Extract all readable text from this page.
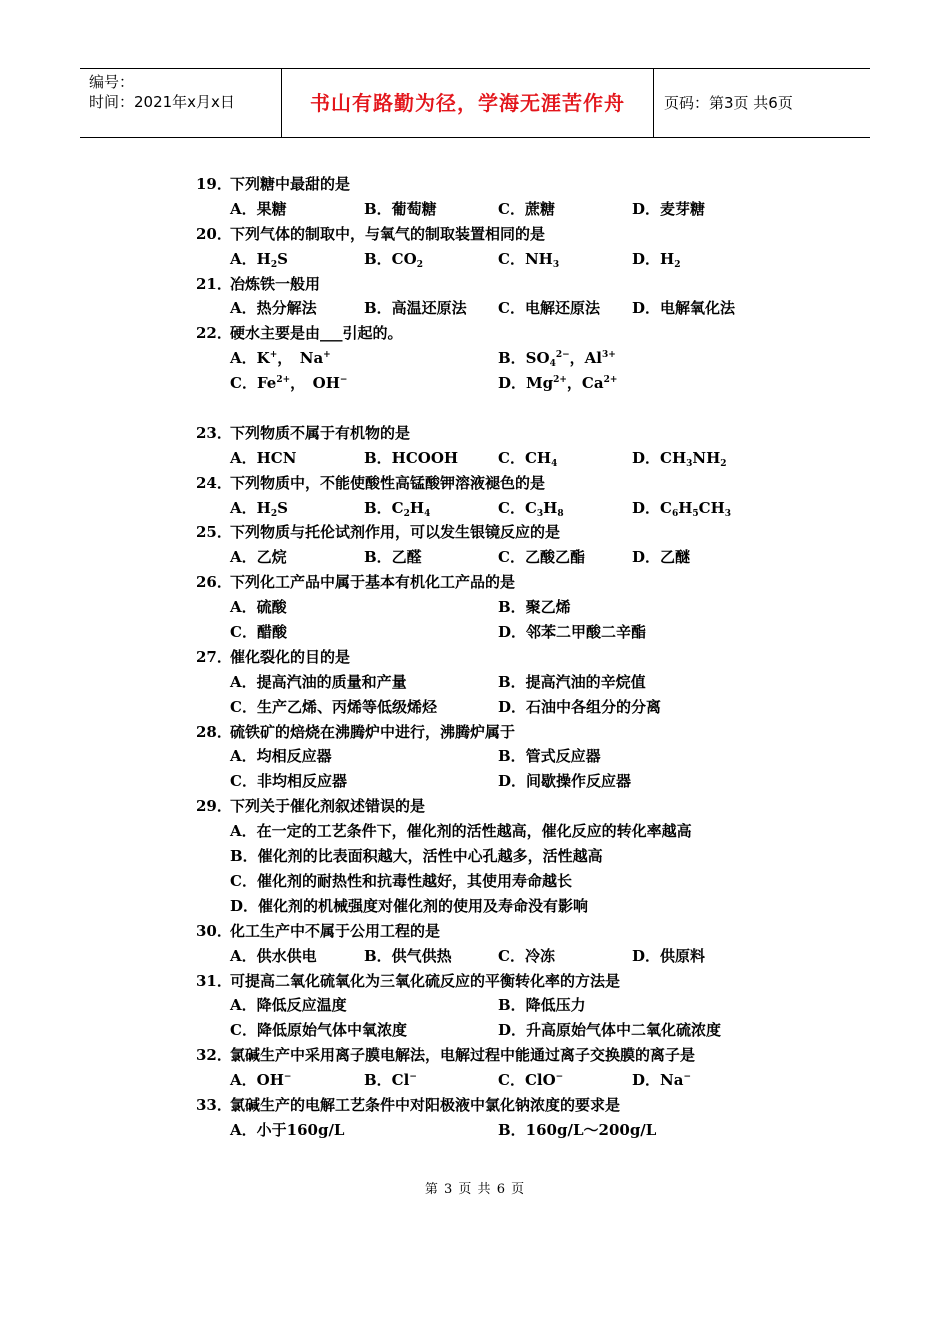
编号：
时间：2021年x月x日	书山有路勤为径，学海无涯苦作舟	页码：第3页 共6页
19．下列糖中最甜的是
A．果糖	B．葡萄糖	C．蔗糖	D．麦芽糖
20．下列气体的制取中，与氧气的制取装置相同的是
A．$H_2S$	B．$CO_2$	C．$NH_3$	D．$H_2$
21．冶炼铁一般用
A．热分解法	B．高温还原法 C．电解还原法 D．电解氧化法
22．硬水主要是由___引起的。
A．K+，　Na+	B．$SO_4^{2-}$，$Al^{3+}$
C．$Fe^{2+}$，　OH−	D．$Mg^{2+}$，$Ca^{2+}$
23．下列物质不属于有机物的是
A．HCN	B．HCOOH	C．$CH_4$	D．$CH_3NH_2$
24．下列物质中，不能使酸性高锰酸钾溶液褪色的是
A．$H_2S$	B．$C_2H_4$	C．$C_3H_8$	D．$C_6H_5CH_3$
25．下列物质与托伦试剂作用，可以发生银镜反应的是
A．乙烷	B．乙醛	C．乙酸乙酯	D．乙醚
26．下列化工产品中属于基本有机化工产品的是
A．硫酸	B．聚乙烯
C．醋酸	D．邻苯二甲酸二辛酯
27．催化裂化的目的是
A．提高汽油的质量和产量	B．提高汽油的辛烷值
C．生产乙烯、丙烯等低级烯烃	D．石油中各组分的分离
28．硫铁矿的焙烧在沸腾炉中进行，沸腾炉属于
A．均相反应器	B．管式反应器
C．非均相反应器	D．间歇操作反应器
29．下列关于催化剂叙述错误的是
A．在一定的工艺条件下，催化剂的活性越高，催化反应的转化率越高
B．催化剂的比表面积越大，活性中心孔越多，活性越高
C．催化剂的耐热性和抗毒性越好，其使用寿命越长
D．催化剂的机械强度对催化剂的使用及寿命没有影响
30．化工生产中不属于公用工程的是
A．供水供电	B．供气供热	C．冷冻	D．供原料
31．可提高二氧化硫氧化为三氧化硫反应的平衡转化率的方法是
A．降低反应温度	B．降低压力
C．降低原始气体中氧浓度	D．升高原始气体中二氧化硫浓度
32．氯碱生产中采用离子膜电解法，电解过程中能通过离子交换膜的离子是
A．OH−	B．Cl−	C．ClO−	D．Na−
33．氯碱生产的电解工艺条件中对阳极液中氯化钠浓度的要求是
A．小于160g/L	B．160g/L～200g/L
第 3 页 共 6 页
